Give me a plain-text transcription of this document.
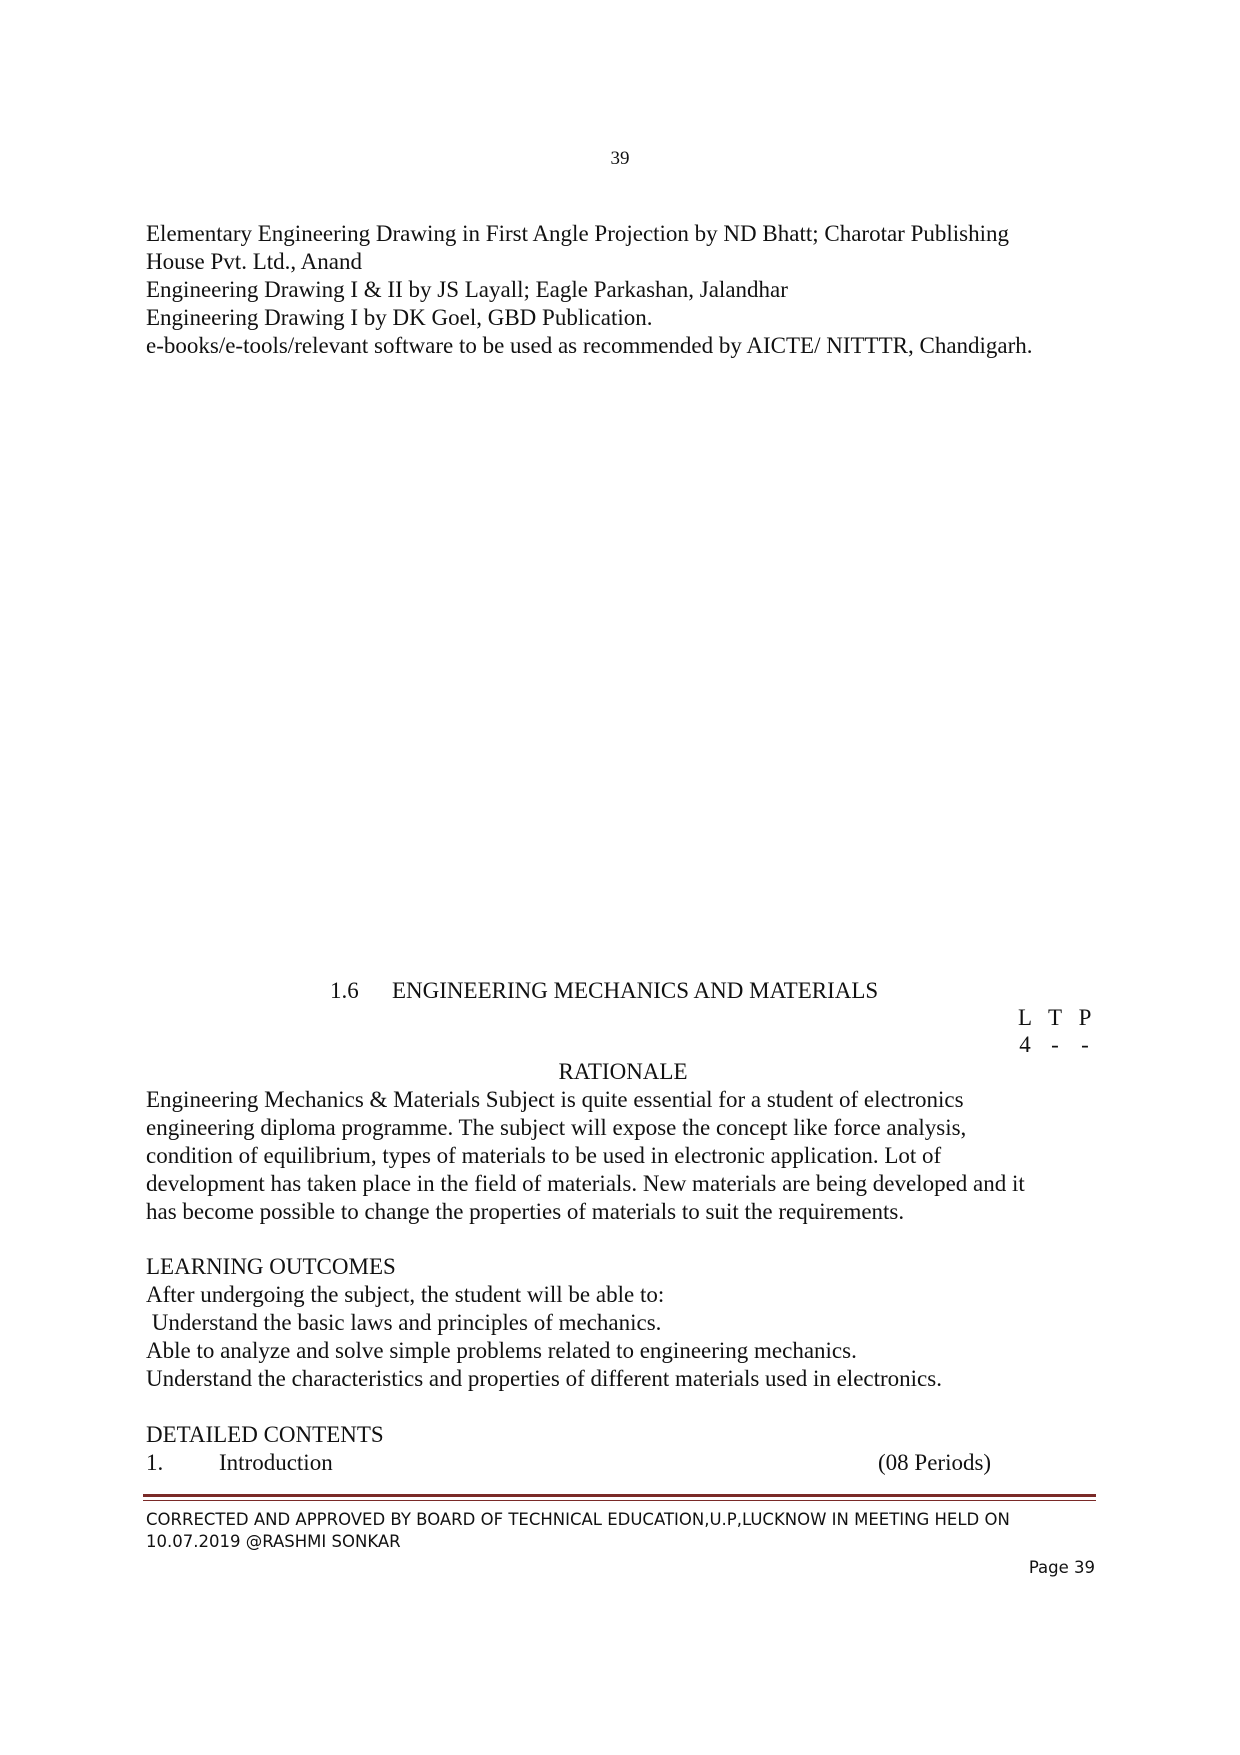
39
Elementary Engineering Drawing in First Angle Projection by ND Bhatt; Charotar Publishing
House Pvt. Ltd., Anand
Engineering Drawing I & II by JS Layall; Eagle Parkashan, Jalandhar
Engineering Drawing I by DK Goel, GBD Publication.
e-books/e-tools/relevant software to be used as recommended by AICTE/ NITTTR, Chandigarh.
1.6 ENGINEERING MECHANICS AND MATERIALS
L T P
4 - -
RATIONALE
Engineering Mechanics & Materials Subject is quite essential for a student of electronics
engineering diploma programme. The subject will expose the concept like force analysis,
condition of equilibrium, types of materials to be used in electronic application. Lot of
development has taken place in the field of materials. New materials are being developed and it
has become possible to change the properties of materials to suit the requirements.
LEARNING OUTCOMES
After undergoing the subject, the student will be able to:
Understand the basic laws and principles of mechanics.
Able to analyze and solve simple problems related to engineering mechanics.
Understand the characteristics and properties of different materials used in electronics.
DETAILED CONTENTS
1. Introduction	(08 Periods)
CORRECTED AND APPROVED BY BOARD OF TECHNICAL EDUCATION,U.P,LUCKNOW IN MEETING HELD ON
10.07.2019 @RASHMI SONKAR
Page 39
